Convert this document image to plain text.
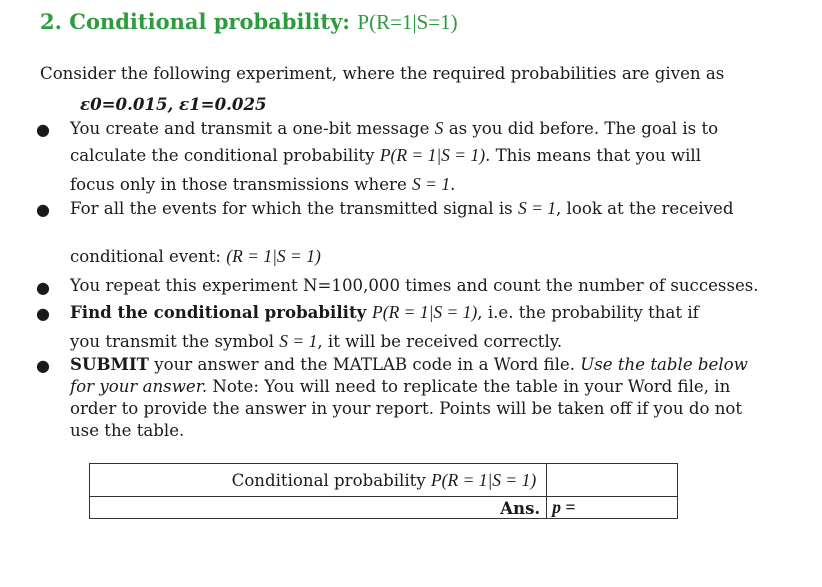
2. Conditional probability: P(R=1|S=1)
Consider the following experiment, where the required probabilities are given as
ε0=0.015, ε1=0.025
● You create and transmit a one-bit message S as you did before. The goal is to
calculate the conditional probability P(R = 1|S = 1). This means that you will
focus only in those transmissions where S = 1.
● For all the events for which the transmitted signal is S = 1, look at the received
conditional event: (R = 1|S = 1)
● You repeat this experiment N=100,000 times and count the number of successes.
● Find the conditional probability P(R = 1|S = 1), i.e. the probability that if
you transmit the symbol S = 1, it will be received correctly.
● SUBMIT your answer and the MATLAB code in a Word file. Use the table below
for your answer. Note: You will need to replicate the table in your Word file, in
order to provide the answer in your report. Points will be taken off if you do not
use the table.
Conditional probability P(R = 1|S = 1)	
Ans.	p =
